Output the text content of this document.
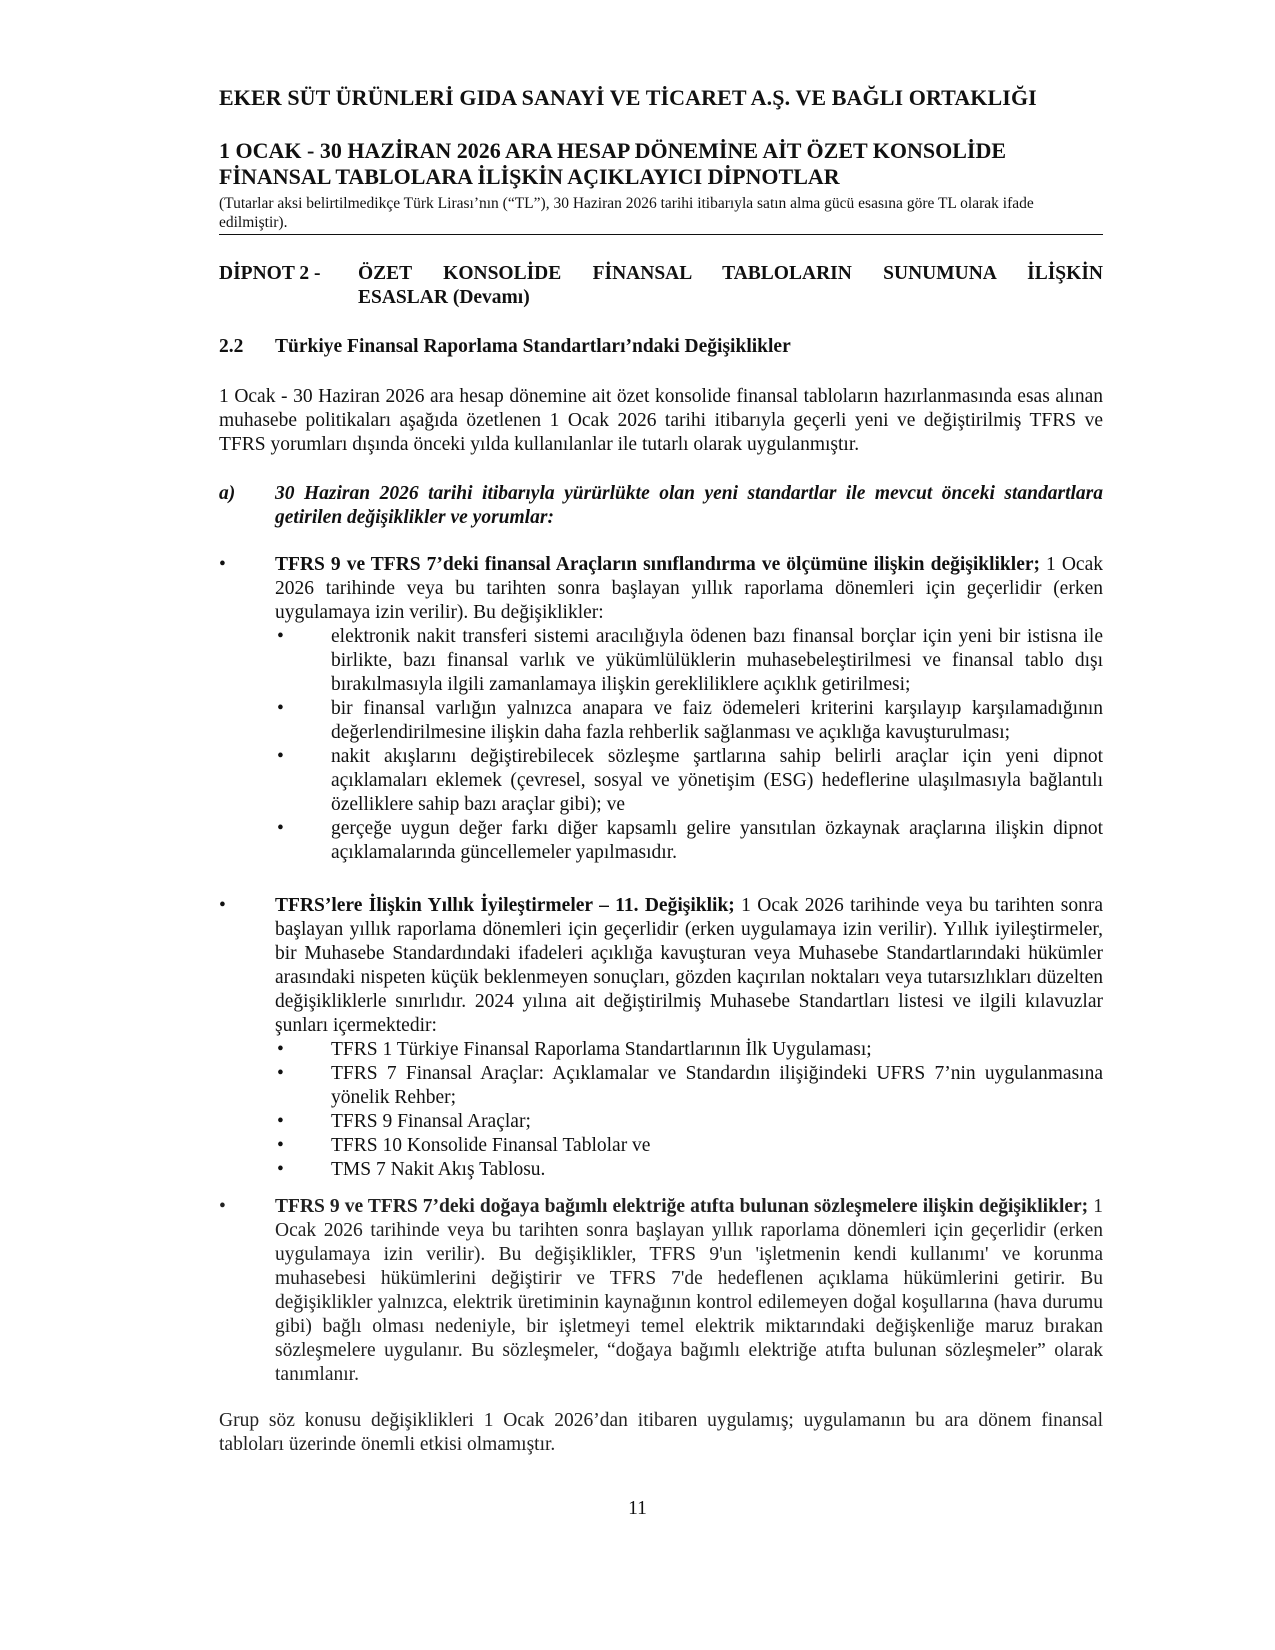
EKER SÜT ÜRÜNLERİ GIDA SANAYİ VE TİCARET A.Ş. VE BAĞLI ORTAKLIĞI
1 OCAK - 30 HAZİRAN 2026 ARA HESAP DÖNEMİNE AİT ÖZET KONSOLİDE
FİNANSAL TABLOLARA İLİŞKİN AÇIKLAYICI DİPNOTLAR
(Tutarlar aksi belirtilmedikçe Türk Lirası’nın (“TL”), 30 Haziran 2026 tarihi itibarıyla satın alma gücü esasına göre TL olarak ifade edilmiştir).
DİPNOT 2 -	ÖZET KONSOLİDE FİNANSAL TABLOLARIN SUNUMUNA İLİŞKİN
ESASLAR (Devamı)
2.2	Türkiye Finansal Raporlama Standartları’ndaki Değişiklikler
1 Ocak - 30 Haziran 2026 ara hesap dönemine ait özet konsolide finansal tabloların hazırlanmasında esas alınan muhasebe politikaları aşağıda özetlenen 1 Ocak 2026 tarihi itibarıyla geçerli yeni ve değiştirilmiş TFRS ve TFRS yorumları dışında önceki yılda kullanılanlar ile tutarlı olarak uygulanmıştır.
a)	30 Haziran 2026 tarihi itibarıyla yürürlükte olan yeni standartlar ile mevcut önceki standartlara getirilen değişiklikler ve yorumlar:
•	TFRS 9 ve TFRS 7’deki finansal Araçların sınıflandırma ve ölçümüne ilişkin değişiklikler; 1 Ocak 2026 tarihinde veya bu tarihten sonra başlayan yıllık raporlama dönemleri için geçerlidir (erken uygulamaya izin verilir). Bu değişiklikler:
•	elektronik nakit transferi sistemi aracılığıyla ödenen bazı finansal borçlar için yeni bir istisna ile birlikte, bazı finansal varlık ve yükümlülüklerin muhasebeleştirilmesi ve finansal tablo dışı bırakılmasıyla ilgili zamanlamaya ilişkin gerekliliklere açıklık getirilmesi;
•	bir finansal varlığın yalnızca anapara ve faiz ödemeleri kriterini karşılayıp karşılamadığının değerlendirilmesine ilişkin daha fazla rehberlik sağlanması ve açıklığa kavuşturulması;
•	nakit akışlarını değiştirebilecek sözleşme şartlarına sahip belirli araçlar için yeni dipnot açıklamaları eklemek (çevresel, sosyal ve yönetişim (ESG) hedeflerine ulaşılmasıyla bağlantılı özelliklere sahip bazı araçlar gibi); ve
•	gerçeğe uygun değer farkı diğer kapsamlı gelire yansıtılan özkaynak araçlarına ilişkin dipnot açıklamalarında güncellemeler yapılmasıdır.
•	TFRS’lere İlişkin Yıllık İyileştirmeler – 11. Değişiklik; 1 Ocak 2026 tarihinde veya bu tarihten sonra başlayan yıllık raporlama dönemleri için geçerlidir (erken uygulamaya izin verilir). Yıllık iyileştirmeler, bir Muhasebe Standardındaki ifadeleri açıklığa kavuşturan veya Muhasebe Standartlarındaki hükümler arasındaki nispeten küçük beklenmeyen sonuçları, gözden kaçırılan noktaları veya tutarsızlıkları düzelten değişikliklerle sınırlıdır. 2024 yılına ait değiştirilmiş Muhasebe Standartları listesi ve ilgili kılavuzlar şunları içermektedir:
•	TFRS 1 Türkiye Finansal Raporlama Standartlarının İlk Uygulaması;
•	TFRS 7 Finansal Araçlar: Açıklamalar ve Standardın ilişiğindeki UFRS 7’nin uygulanmasına yönelik Rehber;
•	TFRS 9 Finansal Araçlar;
•	TFRS 10 Konsolide Finansal Tablolar ve
•	TMS 7 Nakit Akış Tablosu.
•	TFRS 9 ve TFRS 7’deki doğaya bağımlı elektriğe atıfta bulunan sözleşmelere ilişkin değişiklikler; 1 Ocak 2026 tarihinde veya bu tarihten sonra başlayan yıllık raporlama dönemleri için geçerlidir (erken uygulamaya izin verilir). Bu değişiklikler, TFRS 9'un 'işletmenin kendi kullanımı' ve korunma muhasebesi hükümlerini değiştirir ve TFRS 7'de hedeflenen açıklama hükümlerini getirir. Bu değişiklikler yalnızca, elektrik üretiminin kaynağının kontrol edilemeyen doğal koşullarına (hava durumu gibi) bağlı olması nedeniyle, bir işletmeyi temel elektrik miktarındaki değişkenliğe maruz bırakan sözleşmelere uygulanır. Bu sözleşmeler, “doğaya bağımlı elektriğe atıfta bulunan sözleşmeler” olarak tanımlanır.
Grup söz konusu değişiklikleri 1 Ocak 2026’dan itibaren uygulamış; uygulamanın bu ara dönem finansal tabloları üzerinde önemli etkisi olmamıştır.
11
